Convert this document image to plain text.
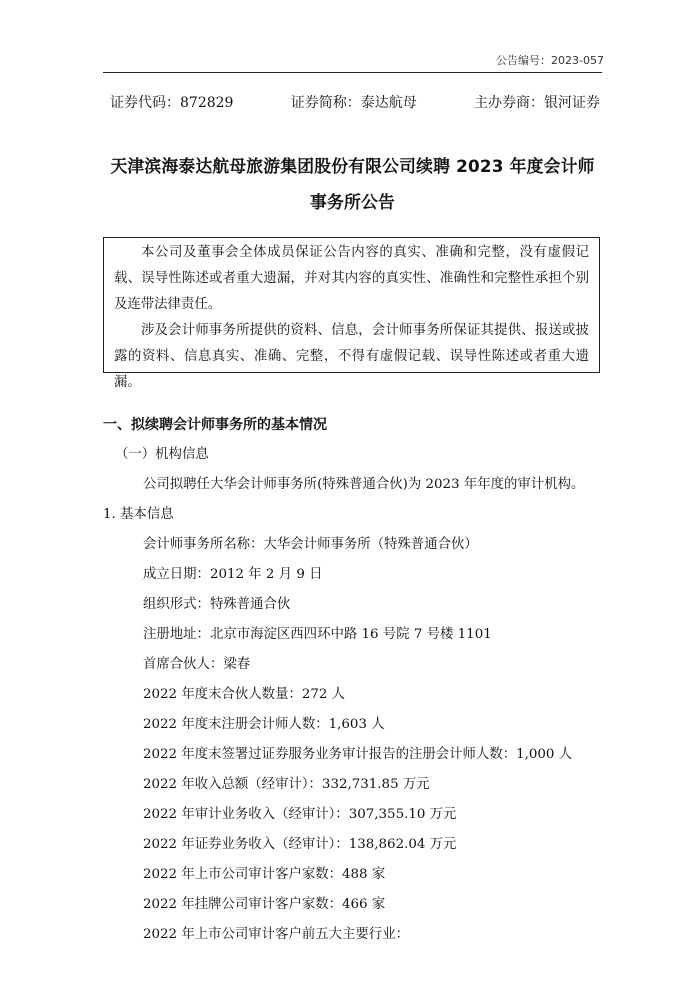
公告编号：2023-057
证券代码：872829	证券简称：泰达航母	主办券商：银河证券
天津滨海泰达航母旅游集团股份有限公司续聘 2023 年度会计师事务所公告

本公司及董事会全体成员保证公告内容的真实、准确和完整，没有虚假记载、误导性陈述或者重大遗漏，并对其内容的真实性、准确性和完整性承担个别及连带法律责任。

涉及会计师事务所提供的资料、信息，会计师事务所保证其提供、报送或披露的资料、信息真实、准确、完整，不得有虚假记载、误导性陈述或者重大遗漏。

一、拟续聘会计师事务所的基本情况
（一）机构信息
公司拟聘任大华会计师事务所(特殊普通合伙)为 2023 年年度的审计机构。
1. 基本信息
会计师事务所名称：大华会计师事务所（特殊普通合伙）
成立日期：2012 年 2 月 9 日
组织形式：特殊普通合伙
注册地址：北京市海淀区西四环中路 16 号院 7 号楼 1101
首席合伙人：梁春
2022 年度末合伙人数量：272 人
2022 年度末注册会计师人数：1,603 人
2022 年度末签署过证券服务业务审计报告的注册会计师人数：1,000 人
2022 年收入总额（经审计）：332,731.85 万元
2022 年审计业务收入（经审计）：307,355.10 万元
2022 年证券业务收入（经审计）：138,862.04 万元
2022 年上市公司审计客户家数：488 家
2022 年挂牌公司审计客户家数：466 家
2022 年上市公司审计客户前五大主要行业：
